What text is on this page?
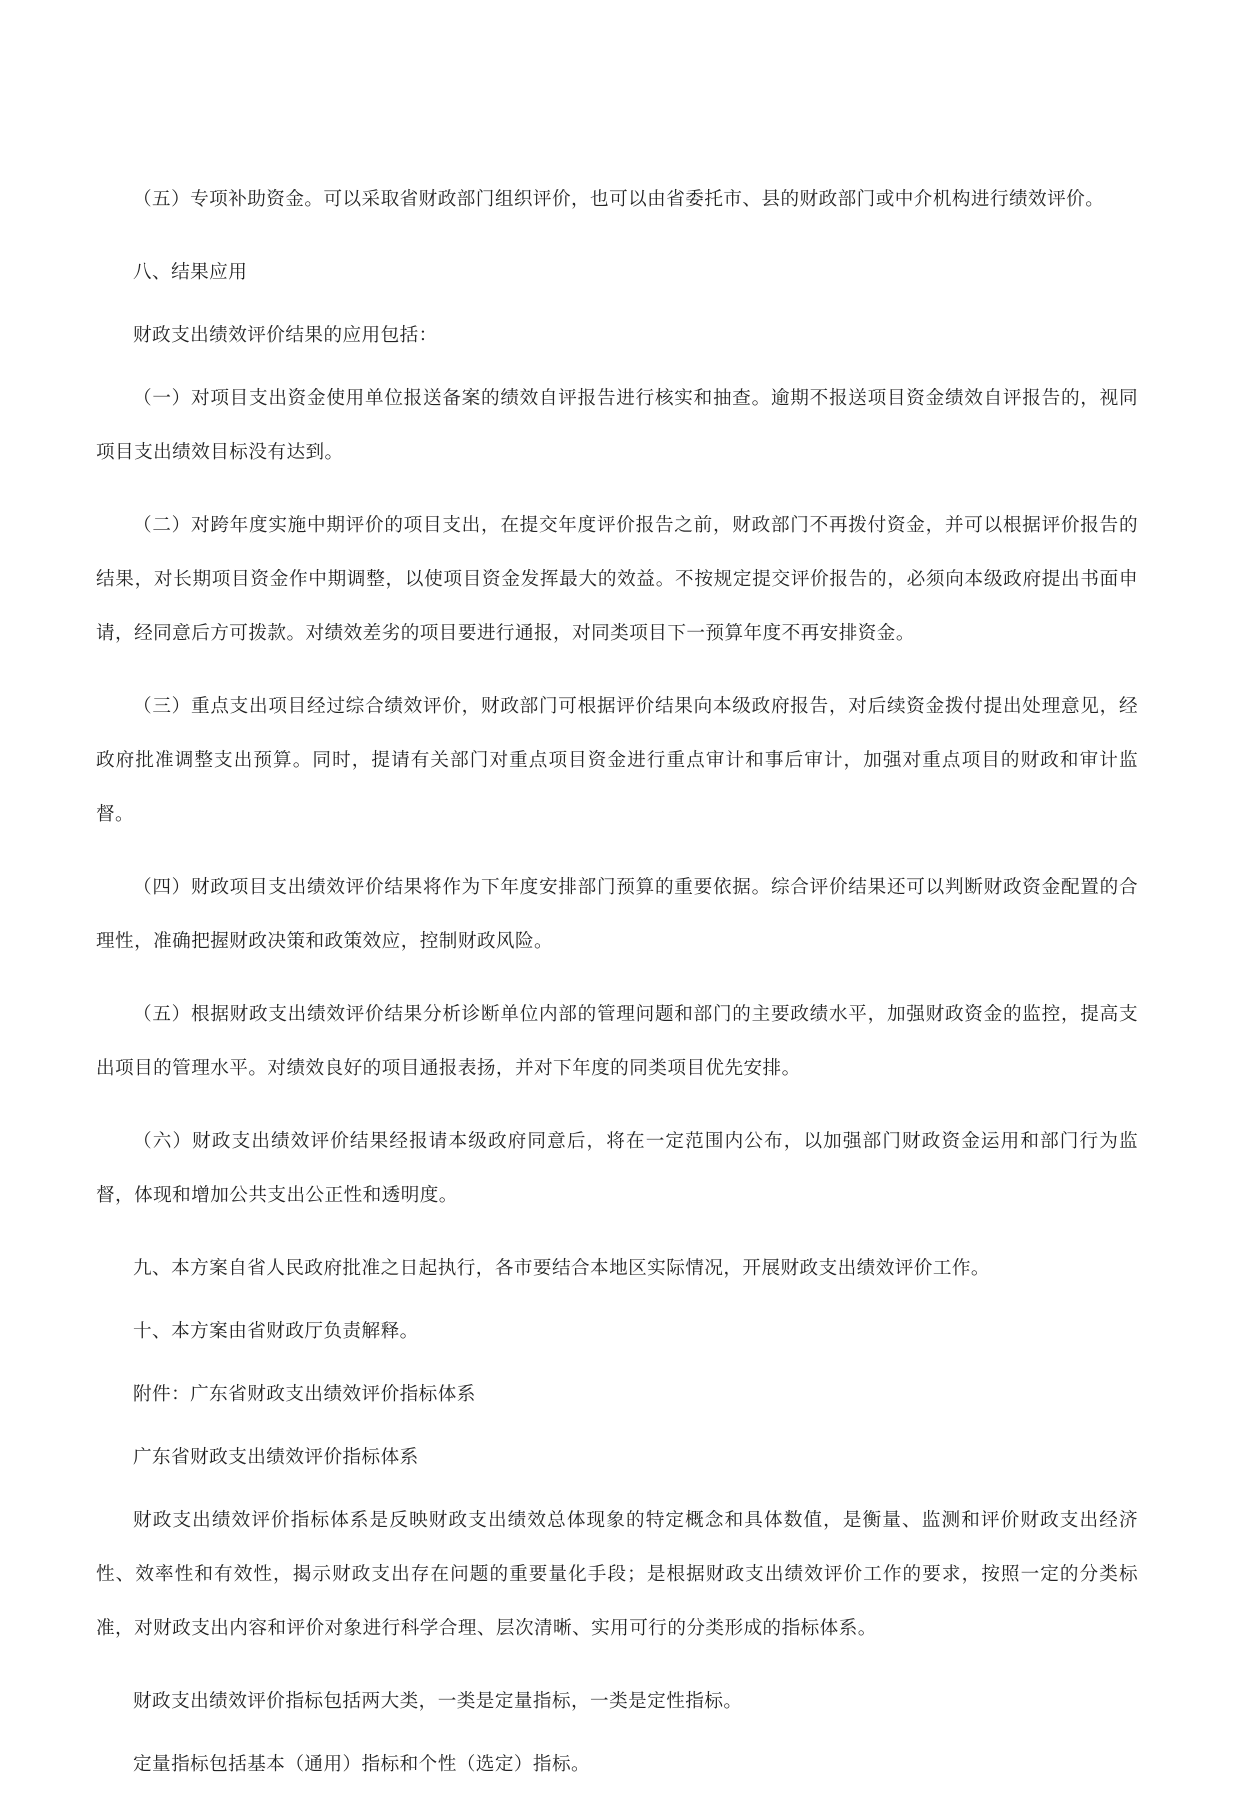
（五）专项补助资金。可以采取省财政部门组织评价，也可以由省委托市、县的财政部门或中介机构进行绩效评价。

八、结果应用

财政支出绩效评价结果的应用包括：

（一）对项目支出资金使用单位报送备案的绩效自评报告进行核实和抽查。逾期不报送项目资金绩效自评报告的，视同项目支出绩效目标没有达到。

（二）对跨年度实施中期评价的项目支出，在提交年度评价报告之前，财政部门不再拨付资金，并可以根据评价报告的结果，对长期项目资金作中期调整，以使项目资金发挥最大的效益。不按规定提交评价报告的，必须向本级政府提出书面申请，经同意后方可拨款。对绩效差劣的项目要进行通报，对同类项目下一预算年度不再安排资金。

（三）重点支出项目经过综合绩效评价，财政部门可根据评价结果向本级政府报告，对后续资金拨付提出处理意见，经政府批准调整支出预算。同时，提请有关部门对重点项目资金进行重点审计和事后审计，加强对重点项目的财政和审计监督。

（四）财政项目支出绩效评价结果将作为下年度安排部门预算的重要依据。综合评价结果还可以判断财政资金配置的合理性，准确把握财政决策和政策效应，控制财政风险。

（五）根据财政支出绩效评价结果分析诊断单位内部的管理问题和部门的主要政绩水平，加强财政资金的监控，提高支出项目的管理水平。对绩效良好的项目通报表扬，并对下年度的同类项目优先安排。

（六）财政支出绩效评价结果经报请本级政府同意后，将在一定范围内公布，以加强部门财政资金运用和部门行为监督，体现和增加公共支出公正性和透明度。

九、本方案自省人民政府批准之日起执行，各市要结合本地区实际情况，开展财政支出绩效评价工作。

十、本方案由省财政厅负责解释。

附件：广东省财政支出绩效评价指标体系

广东省财政支出绩效评价指标体系

财政支出绩效评价指标体系是反映财政支出绩效总体现象的特定概念和具体数值，是衡量、监测和评价财政支出经济性、效率性和有效性，揭示财政支出存在问题的重要量化手段；是根据财政支出绩效评价工作的要求，按照一定的分类标准，对财政支出内容和评价对象进行科学合理、层次清晰、实用可行的分类形成的指标体系。

财政支出绩效评价指标包括两大类，一类是定量指标，一类是定性指标。

定量指标包括基本（通用）指标和个性（选定）指标。
